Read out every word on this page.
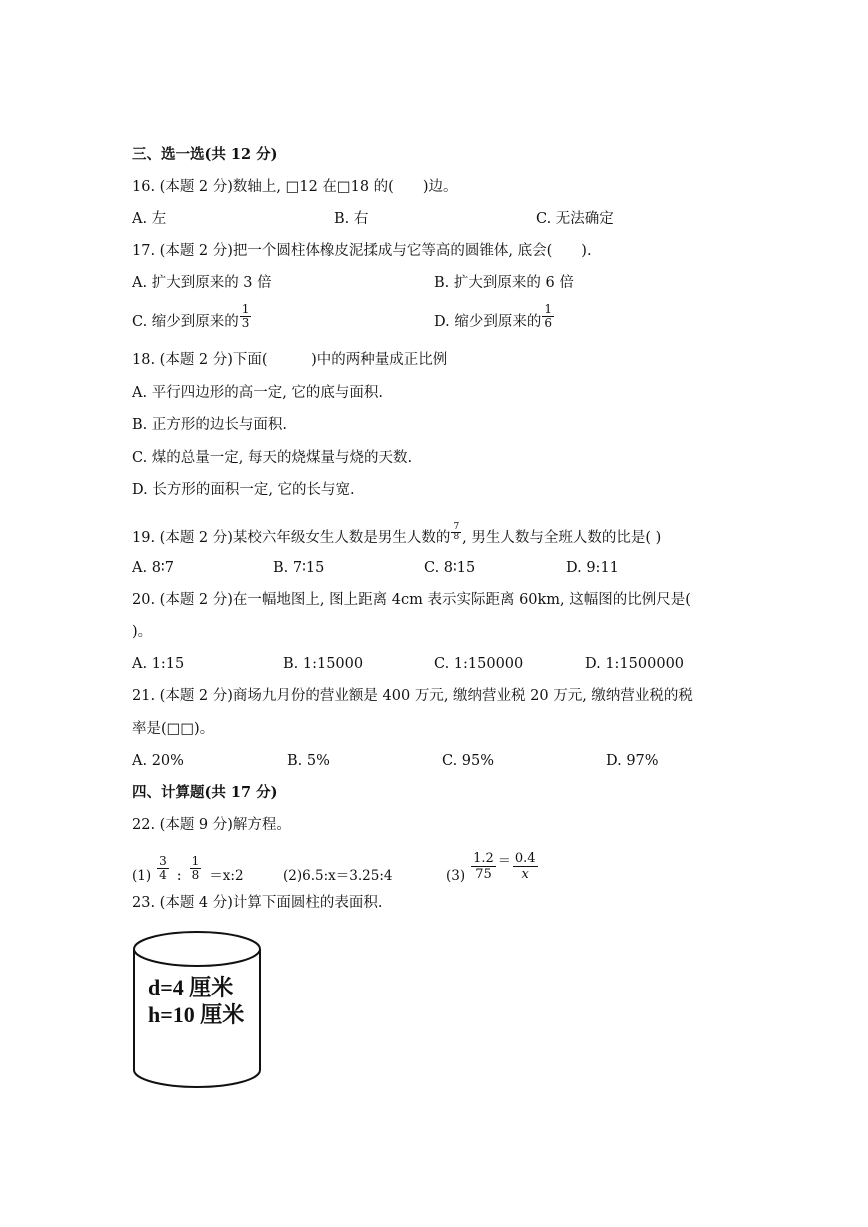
三、选一选(共 12 分)
16. (本题 2 分)数轴上, □12 在□18 的(　　)边。
A. 左	B. 右	C. 无法确定
17. (本题 2 分)把一个圆柱体橡皮泥揉成与它等高的圆锥体, 底会(　　).
A. 扩大到原来的 3 倍	B. 扩大到原来的 6 倍
C. 缩少到原来的 $\frac{1}{3}$	D. 缩少到原来的 $\frac{1}{6}$
18. (本题 2 分)下面(　　　)中的两种量成正比例
A. 平行四边形的高一定, 它的底与面积.
B. 正方形的边长与面积.
C. 煤的总量一定, 每天的烧煤量与烧的天数.
D. 长方形的面积一定, 它的长与宽.
19. (本题 2 分)某校六年级女生人数是男生人数的 $\frac{7}{8}$ , 男生人数与全班人数的比是( )
A. 8∶7	B. 7∶15	C. 8∶15	D. 9:11
20. (本题 2 分)在一幅地图上, 图上距离 4cm 表示实际距离 60km, 这幅图的比例尺是(
)。
A. 1:15	B. 1:15000	C. 1:150000	D. 1:1500000
21. (本题 2 分)商场九月份的营业额是 400 万元, 缴纳营业税 20 万元, 缴纳营业税的税
率是(□□)。
A. 20%	B. 5%	C. 95%	D. 97%
四、计算题(共 17 分)
22. (本题 9 分)解方程。
$(1) \frac{3}{4}$ : $\frac{1}{8}$ ＝x:2	(2)6.5:x＝3.25:4	$(3) \frac{1.2}{75} = \frac{0.4}{x}$
23. (本题 4 分)计算下面圆柱的表面积.
d=4 厘米
h=10 厘米
